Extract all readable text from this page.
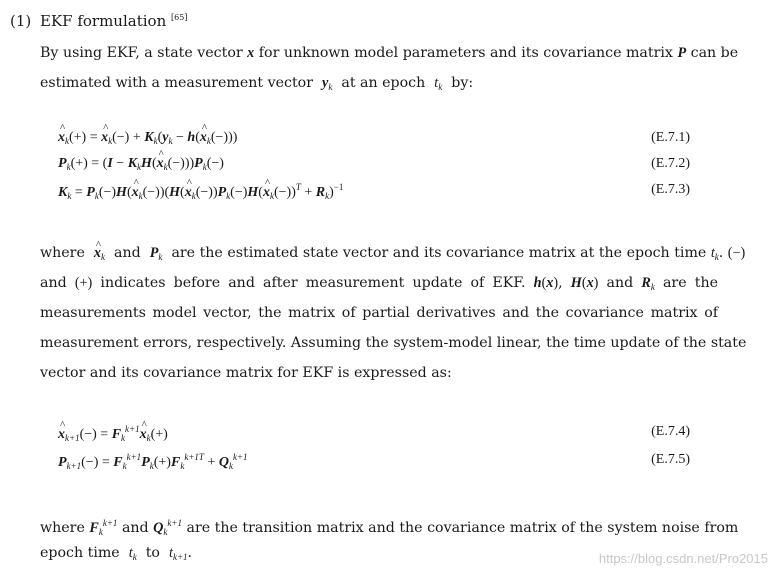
(1) EKF formulation [65]
By using EKF, a state vector x for unknown model parameters and its covariance matrix P can be
estimated with a measurement vector $y_k$ at an epoch $t_k$ by:
x $\^{}_k(+) = x$ $\^{}_k(-) + K_k(y_k - h(x$ $\^{}_k(-)$))	(E.7.1)
$P_k(+) = (I - K_kH(x$ $\^{}_k(-)))P_k(-)$	(E.7.2)
$K_k = P_k(-)H(x$ $\^{}_k(-))(H(x$ $\^{}_k(-))P_k(-)H(x$ $\^{}_k(-))^T + R_k)^{-1}$	(E.7.3)
where x $\^{}_k$ and $P_k$ are the estimated state vector and its covariance matrix at the epoch time $t_k$. (−)
and (+) indicates before and after measurement update of EKF. h(x), H(x) and $R_k$ are the
measurements model vector, the matrix of partial derivatives and the covariance matrix of
measurement errors, respectively. Assuming the system-model linear, the time update of the state
vector and its covariance matrix for EKF is expressed as:
x $\^{}_{k+1}(-) = F_k^{k+1}x$ $\^{}_k(+)$	(E.7.4)
$P_{k+1}(-) = F_k^{k+1}P_k(+)F_k^{k+1T} + Q_k^{k+1}$	(E.7.5)
where $F_k^{k+1}$ and $Q_k^{k+1}$ are the transition matrix and the covariance matrix of the system noise from
epoch time $t_k$ to $t_{k+1}$.	https://blog.csdn.net/Pro2015
